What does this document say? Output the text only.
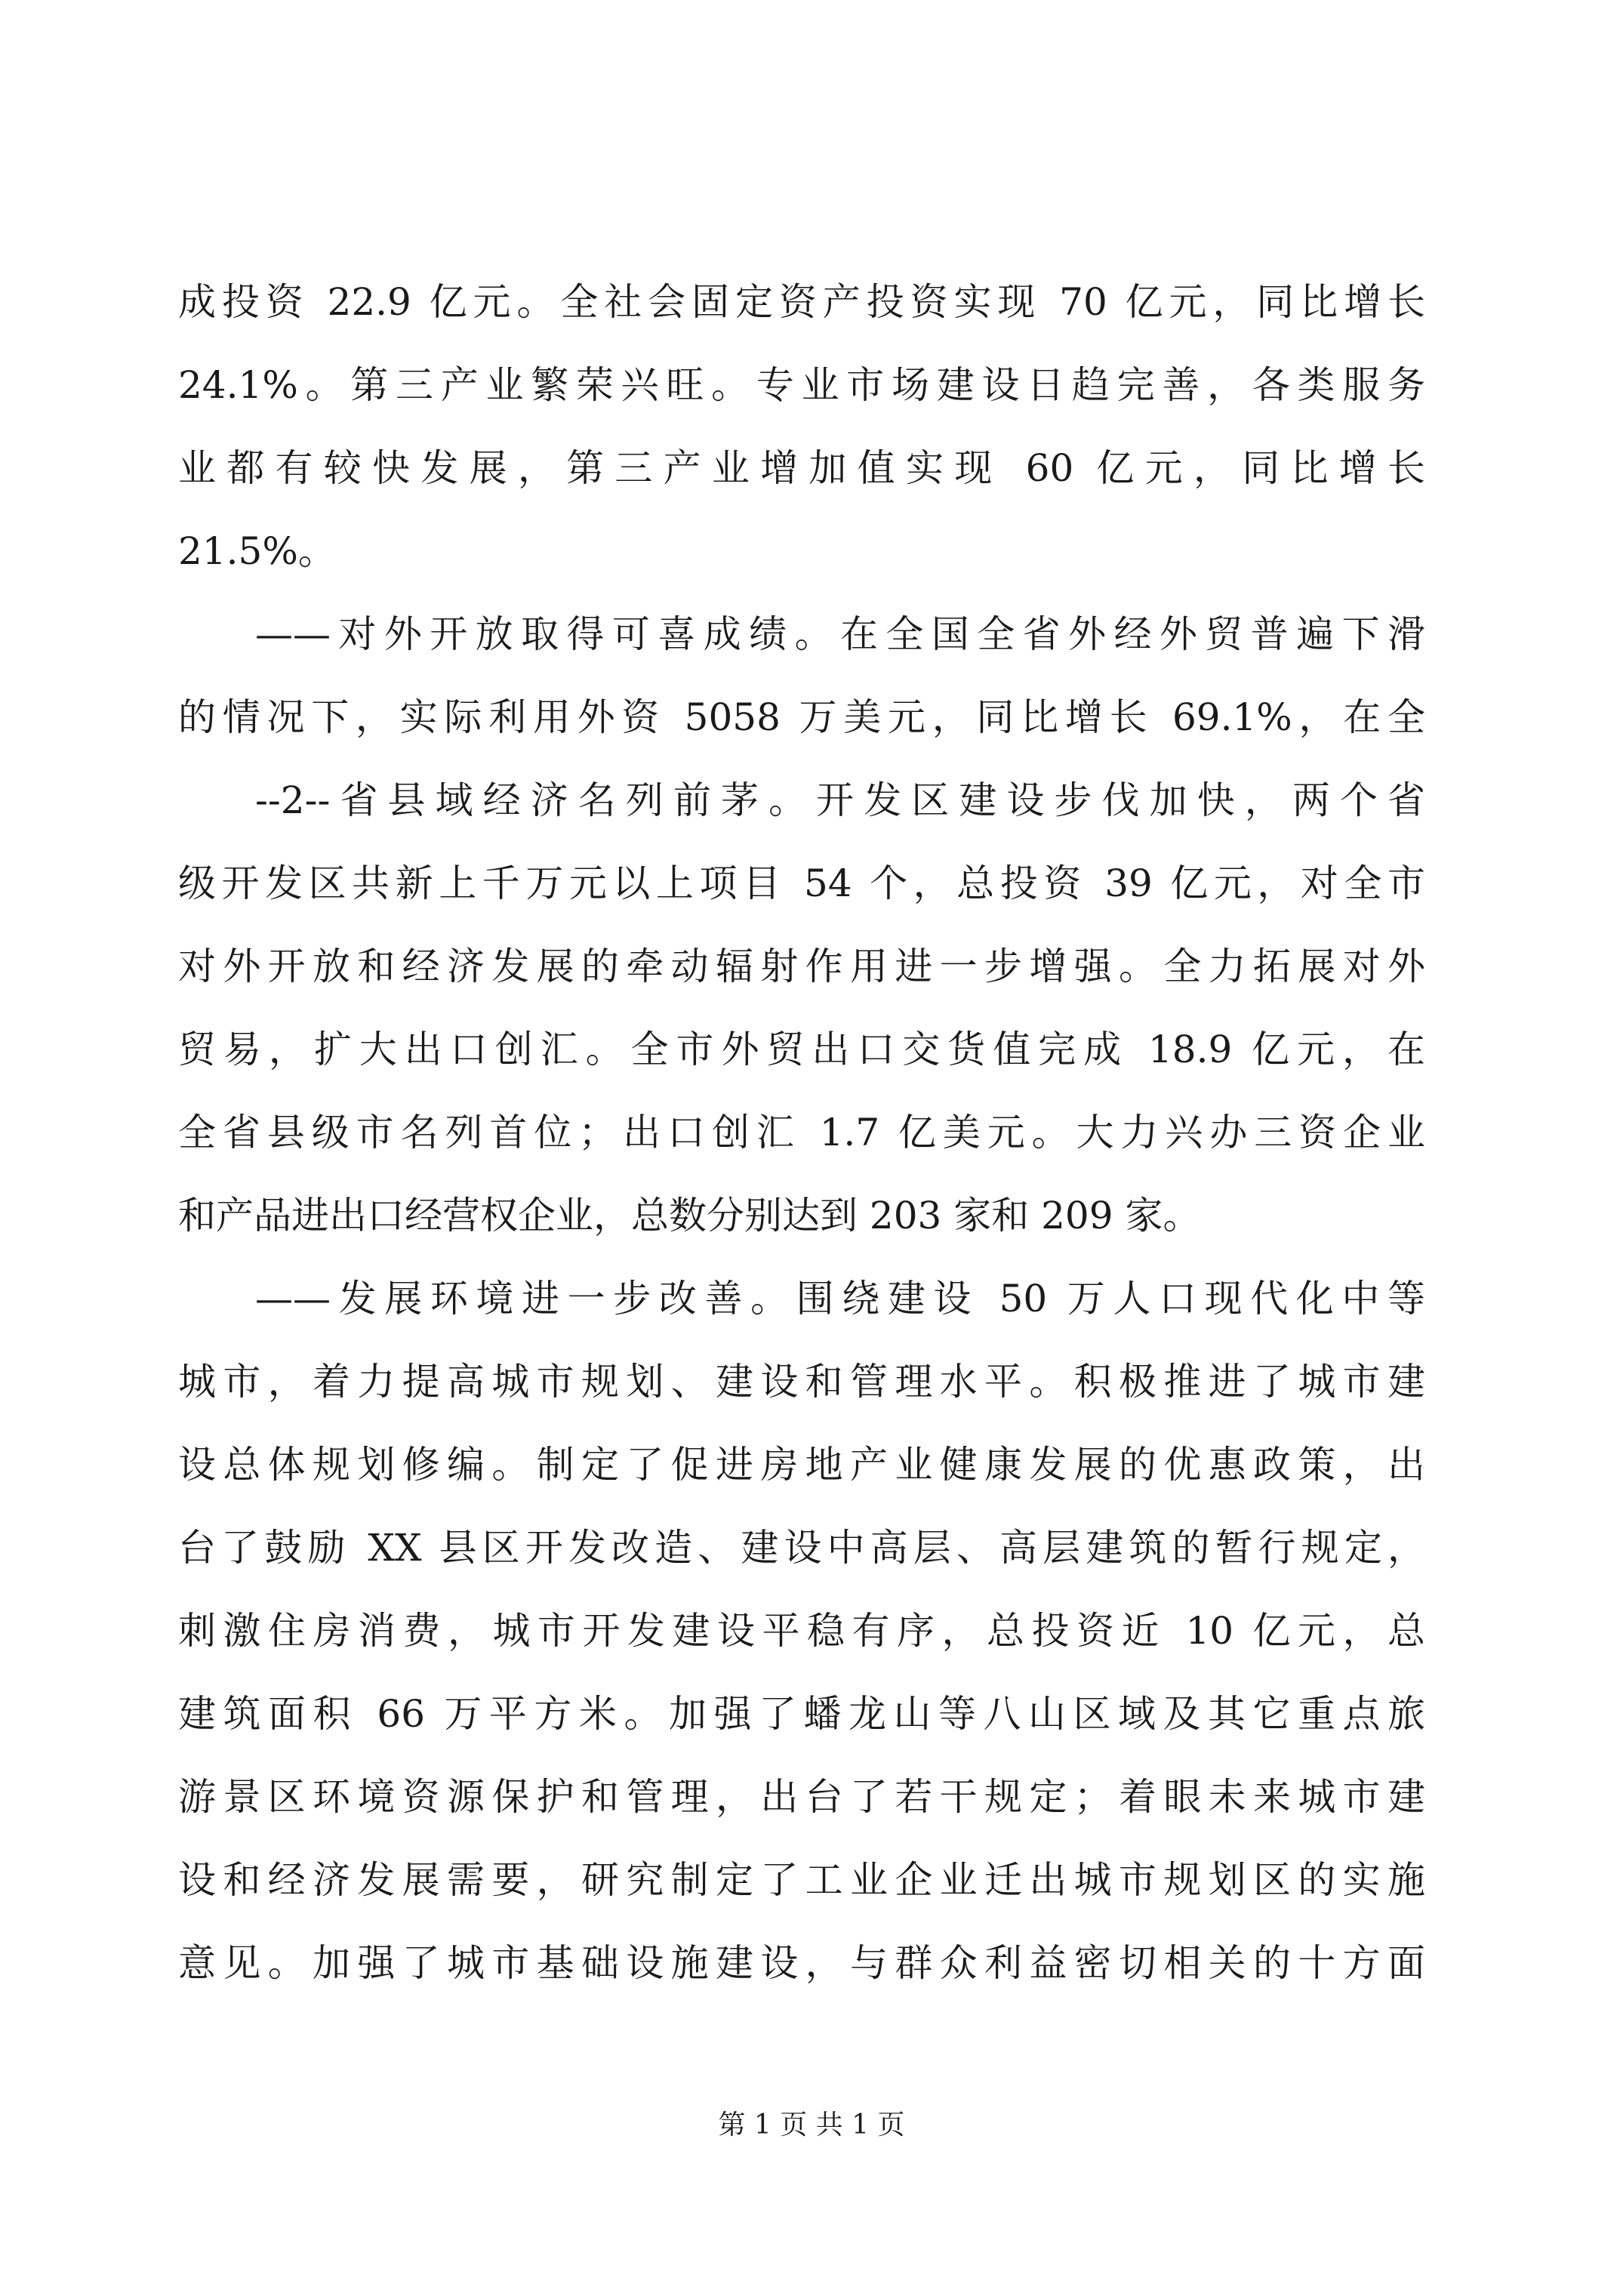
成投资 22.9 亿元。全社会固定资产投资实现 70 亿元，同比增长
24.1%。第三产业繁荣兴旺。专业市场建设日趋完善，各类服务
业都有较快发展，第三产业增加值实现 60 亿元，同比增长
21.5%。
——对外开放取得可喜成绩。在全国全省外经外贸普遍下滑
的情况下，实际利用外资 5058 万美元，同比增长 69.1%，在全
--2--省县域经济名列前茅。开发区建设步伐加快，两个省
级开发区共新上千万元以上项目 54 个，总投资 39 亿元，对全市
对外开放和经济发展的牵动辐射作用进一步增强。全力拓展对外
贸易，扩大出口创汇。全市外贸出口交货值完成 18.9 亿元，在
全省县级市名列首位；出口创汇 1.7 亿美元。大力兴办三资企业
和产品进出口经营权企业，总数分别达到 203 家和 209 家。
——发展环境进一步改善。围绕建设 50 万人口现代化中等
城市，着力提高城市规划、建设和管理水平。积极推进了城市建
设总体规划修编。制定了促进房地产业健康发展的优惠政策，出
台了鼓励 XX 县区开发改造、建设中高层、高层建筑的暂行规定，
刺激住房消费，城市开发建设平稳有序，总投资近 10 亿元，总
建筑面积 66 万平方米。加强了蟠龙山等八山区域及其它重点旅
游景区环境资源保护和管理，出台了若干规定；着眼未来城市建
设和经济发展需要，研究制定了工业企业迁出城市规划区的实施
意见。加强了城市基础设施建设，与群众利益密切相关的十方面
第 1 页 共 1 页
